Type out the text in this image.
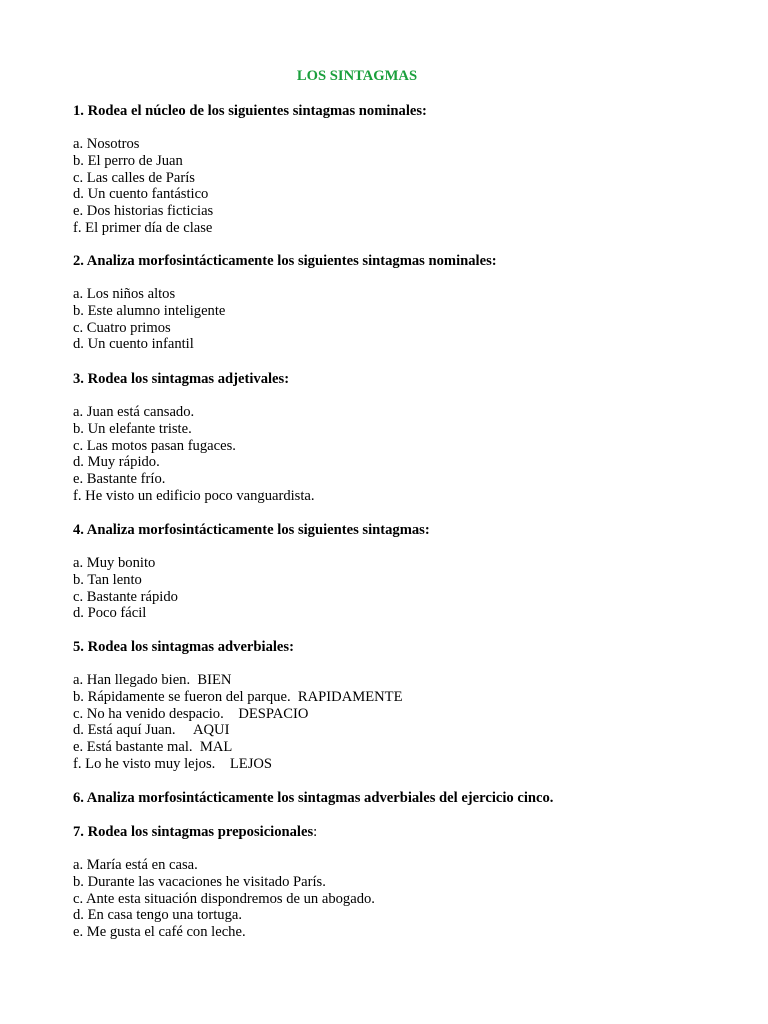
LOS SINTAGMAS

1. Rodea el núcleo de los siguientes sintagmas nominales:

a. Nosotros
b. El perro de Juan
c. Las calles de París
d. Un cuento fantástico
e. Dos historias ficticias
f. El primer día de clase

2. Analiza morfosintácticamente los siguientes sintagmas nominales:

a. Los niños altos
b. Este alumno inteligente
c. Cuatro primos
d. Un cuento infantil

3. Rodea los sintagmas adjetivales:

a. Juan está cansado.
b. Un elefante triste.
c. Las motos pasan fugaces.
d. Muy rápido.
e. Bastante frío.
f. He visto un edificio poco vanguardista.

4. Analiza morfosintácticamente los siguientes sintagmas:

a. Muy bonito
b. Tan lento
c. Bastante rápido
d. Poco fácil

5. Rodea los sintagmas adverbiales:

a. Han llegado bien.  BIEN
b. Rápidamente se fueron del parque.  RAPIDAMENTE
c. No ha venido despacio.    DESPACIO
d. Está aquí Juan.     AQUI
e. Está bastante mal.  MAL
f. Lo he visto muy lejos.    LEJOS

6. Analiza morfosintácticamente los sintagmas adverbiales del ejercicio cinco.

7. Rodea los sintagmas preposicionales:

a. María está en casa.
b. Durante las vacaciones he visitado París.
c. Ante esta situación dispondremos de un abogado.
d. En casa tengo una tortuga.
e. Me gusta el café con leche.
